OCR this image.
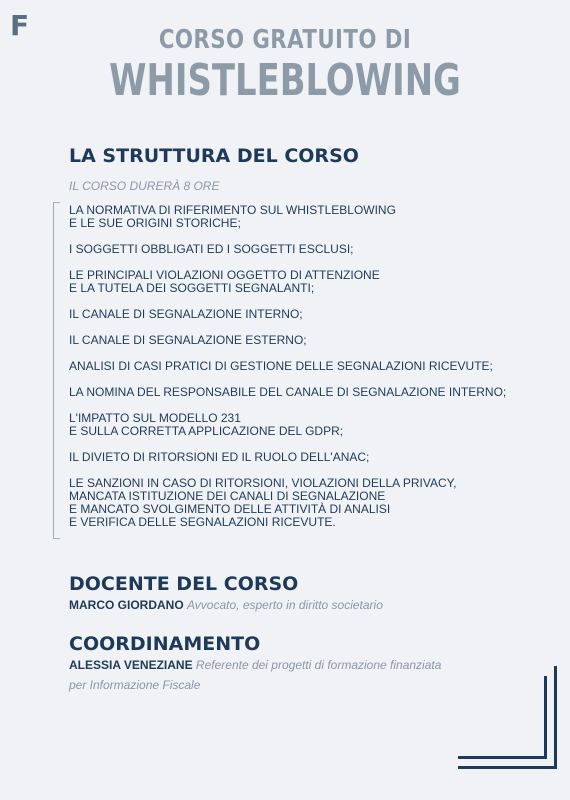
F	CORSO GRATUITO DI
WHISTLEBLOWING
LA STRUTTURA DEL CORSO
IL CORSO DURERÀ 8 ORE
LA NORMATIVA DI RIFERIMENTO SUL WHISTLEBLOWING
E LE SUE ORIGINI STORICHE;
I SOGGETTI OBBLIGATI ED I SOGGETTI ESCLUSI;
LE PRINCIPALI VIOLAZIONI OGGETTO DI ATTENZIONE
E LA TUTELA DEI SOGGETTI SEGNALANTI;
IL CANALE DI SEGNALAZIONE INTERNO;
IL CANALE DI SEGNALAZIONE ESTERNO;
ANALISI DI CASI PRATICI DI GESTIONE DELLE SEGNALAZIONI RICEVUTE;
LA NOMINA DEL RESPONSABILE DEL CANALE DI SEGNALAZIONE INTERNO;
L'IMPATTO SUL MODELLO 231
E SULLA CORRETTA APPLICAZIONE DEL GDPR;
IL DIVIETO DI RITORSIONI ED IL RUOLO DELL'ANAC;
LE SANZIONI IN CASO DI RITORSIONI, VIOLAZIONI DELLA PRIVACY,
MANCATA ISTITUZIONE DEI CANALI DI SEGNALAZIONE
E MANCATO SVOLGIMENTO DELLE ATTIVITÀ DI ANALISI
E VERIFICA DELLE SEGNALAZIONI RICEVUTE.
DOCENTE DEL CORSO
MARCO GIORDANO Avvocato, esperto in diritto societario
COORDINAMENTO
ALESSIA VENEZIANE Referente dei progetti di formazione finanziata
per Informazione Fiscale
